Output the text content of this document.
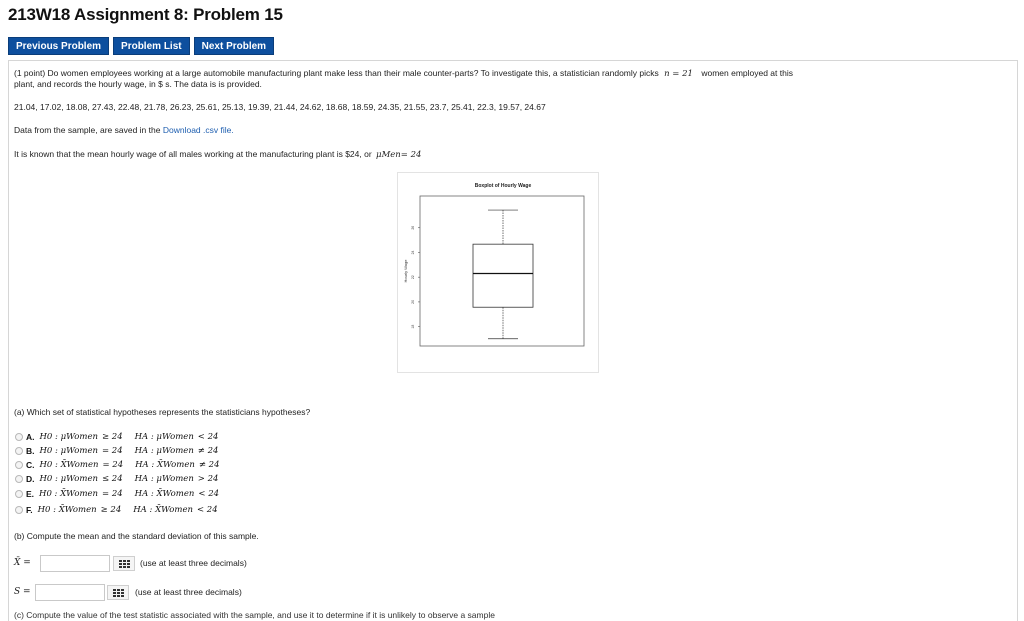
213W18 Assignment 8: Problem 15
Previous Problem	Problem List	Next Problem
(1 point) Do women employees working at a large automobile manufacturing plant make less than their male counter-parts? To investigate this, a statistician randomly picks n = 21 women employed at this
plant, and records the hourly wage, in $ s. The data is is provided.
21.04, 17.02, 18.08, 27.43, 22.48, 21.78, 26.23, 25.61, 25.13, 19.39, 21.44, 24.62, 18.68, 18.59, 24.35, 21.55, 23.7, 25.41, 22.3, 19.57, 24.67
Data from the sample, are saved in the Download .csv file.
It is known that the mean hourly wage of all males working at the manufacturing plant is $24, or μMen= 24
Boxplot of Hourly Wage
Hourly Wage
18
20
22
24
26
(a) Which set of statistical hypotheses represents the statisticians hypotheses?
(b) Compute the mean and the standard deviation of this sample.
X̄ =	(use at least three decimals)
S =	(use at least three decimals)
(c) Compute the value of the test statistic associated with the sample, and use it to determine if it is unlikely to observe a sample
A. H0 : μWomen ≥ 24 HA : μWomen < 24
B. H0 : μWomen = 24 HA : μWomen ≠ 24
C. H0 : X̄Women = 24 HA : X̄Women ≠ 24
D. H0 : μWomen ≤ 24 HA : μWomen > 24
E. H0 : X̄Women = 24 HA : X̄Women < 24
F. H0 : X̄Women ≥ 24 HA : X̄Women < 24
